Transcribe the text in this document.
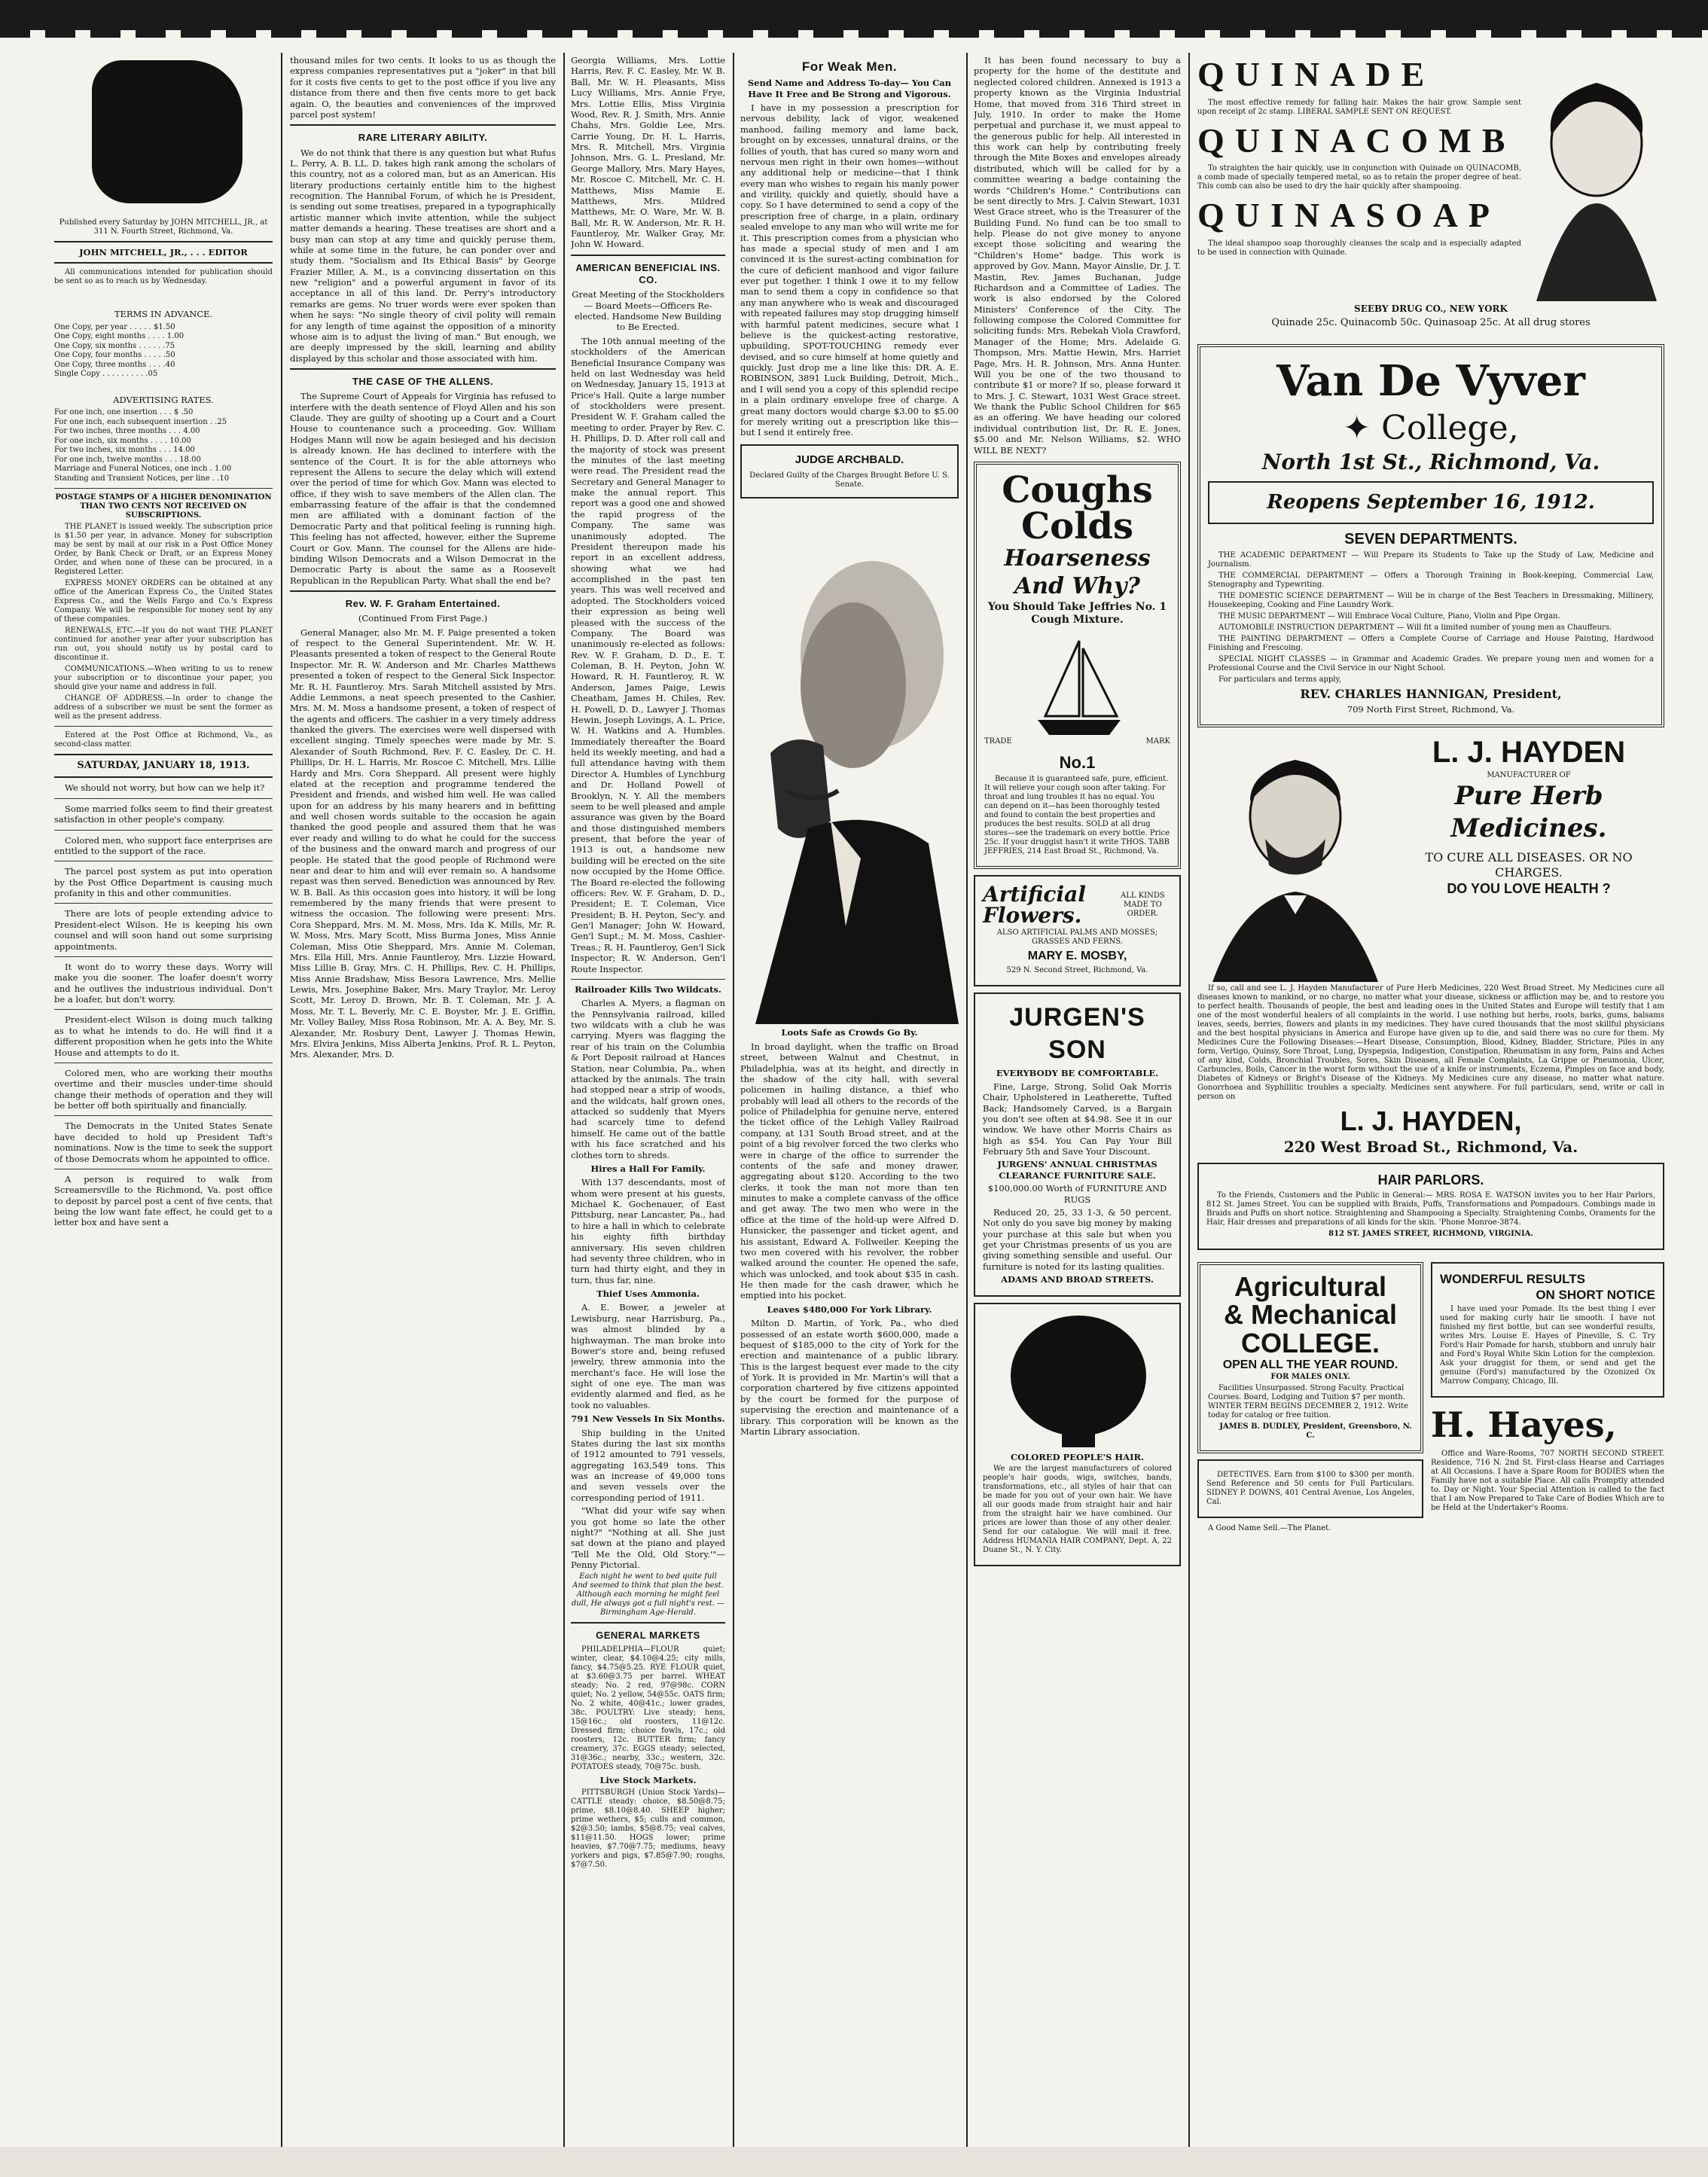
Published every Saturday by JOHN MITCHELL, JR., at 311 N. Fourth Street, Richmond, Va.

JOHN MITCHELL, JR., . . . EDITOR

All communications intended for publication should be sent so as to reach us by Wednesday.

TERMS IN ADVANCE.
One Copy, per year . . . . . $1.50
One Copy, eight months . . . . 1.00
One Copy, six months . . . . . .75
One Copy, four months . . . . .50
One Copy, three months . . . .40
Single Copy . . . . . . . . . .05
ADVERTISING RATES.
For one inch, one insertion . . . $ .50
For one inch, each subsequent insertion . .25
For two inches, three months . . . 4.00
For one inch, six months . . . . 10.00
For two inches, six months . . . 14.00
For one inch, twelve months . . . 18.00
Marriage and Funeral Notices, one inch . 1.00
Standing and Transient Notices, per line . .10

POSTAGE STAMPS OF A HIGHER DENOMINATION THAN TWO CENTS NOT RECEIVED ON SUBSCRIPTIONS.

THE PLANET is issued weekly. The subscription price is $1.50 per year, in advance. Money for subscription may be sent by mail at our risk in a Post Office Money Order, by Bank Check or Draft, or an Express Money Order, and when none of these can be procured, in a Registered Letter.

EXPRESS MONEY ORDERS can be obtained at any office of the American Express Co., the United States Express Co., and the Wells Fargo and Co.'s Express Company. We will be responsible for money sent by any of these companies.

RENEWALS, ETC.—If you do not want THE PLANET continued for another year after your subscription has run out, you should notify us by postal card to discontinue it.

COMMUNICATIONS.—When writing to us to renew your subscription or to discontinue your paper, you should give your name and address in full.

CHANGE OF ADDRESS.—In order to change the address of a subscriber we must be sent the former as well as the present address.

Entered at the Post Office at Richmond, Va., as second-class matter.

SATURDAY, JANUARY 18, 1913.

We should not worry, but how can we help it?

Some married folks seem to find their greatest satisfaction in other people's company.

Colored men, who support face enterprises are entitled to the support of the race.

The parcel post system as put into operation by the Post Office Department is causing much profanity in this and other communities.

There are lots of people extending advice to President-elect Wilson. He is keeping his own counsel and will soon hand out some surprising appointments.

It wont do to worry these days. Worry will make you die sooner. The loafer doesn't worry and he outlives the industrious individual. Don't be a loafer, but don't worry.

President-elect Wilson is doing much talking as to what he intends to do. He will find it a different proposition when he gets into the White House and attempts to do it.

Colored men, who are working their mouths overtime and their muscles under-time should change their methods of operation and they will be better off both spiritually and financially.

The Democrats in the United States Senate have decided to hold up President Taft's nominations. Now is the time to seek the support of those Democrats whom he appointed to office.

A person is required to walk from Screamersville to the Richmond, Va. post office to deposit by parcel post a cent of five cents, that being the low want fate effect, he could get to a letter box and have sent a

thousand miles for two cents. It looks to us as though the express companies representatives put a "joker" in that bill for it costs five cents to get to the post office if you live any distance from there and then five cents more to get back again. O, the beauties and conveniences of the improved parcel post system!

RARE LITERARY ABILITY.

We do not think that there is any question but what Rufus L. Perry, A. B. LL. D. takes high rank among the scholars of this country, not as a colored man, but as an American. His literary productions certainly entitle him to the highest recognition. The Hannibal Forum, of which he is President, is sending out some treatises, prepared in a typographically artistic manner which invite attention, while the subject matter demands a hearing. These treatises are short and a busy man can stop at any time and quickly peruse them, while at some time in the future, he can ponder over and study them. "Socialism and Its Ethical Basis" by George Frazier Miller, A. M., is a convincing dissertation on this new "religion" and a powerful argument in favor of its acceptance in all of this land. Dr. Perry's introductory remarks are gems. No truer words were ever spoken than when he says: "No single theory of civil polity will remain for any length of time against the opposition of a minority whose aim is to adjust the living of man." But enough, we are deeply impressed by the skill, learning and ability displayed by this scholar and those associated with him.

THE CASE OF THE ALLENS.

The Supreme Court of Appeals for Virginia has refused to interfere with the death sentence of Floyd Allen and his son Claude. They are guilty of shooting up a Court and a Court House to countenance such a proceeding. Gov. William Hodges Mann will now be again besieged and his decision is already known. He has declined to interfere with the sentence of the Court. It is for the able attorneys who represent the Allens to secure the delay which will extend over the period of time for which Gov. Mann was elected to office, if they wish to save members of the Allen clan. The embarrassing feature of the affair is that the condemned men are affiliated with a dominant faction of the Democratic Party and that political feeling is running high. This feeling has not affected, however, either the Supreme Court or Gov. Mann. The counsel for the Allens are hide-binding Wilson Democrats and a Wilson Democrat in the Democratic Party is about the same as a Roosevelt Republican in the Republican Party. What shall the end be?

Rev. W. F. Graham Entertained.
(Continued From First Page.)

General Manager, also Mr. M. F. Paige presented a token of respect to the General Superintendent. Mr. W. H. Pleasants presented a token of respect to the General Route Inspector. Mr. R. W. Anderson and Mr. Charles Matthews presented a token of respect to the General Sick Inspector. Mr. R. H. Fauntleroy. Mrs. Sarah Mitchell assisted by Mrs. Addie Lemmons, a neat speech presented to the Cashier, Mrs. M. M. Moss a handsome present, a token of respect of the agents and officers. The cashier in a very timely address thanked the givers. The exercises were well dispersed with excellent singing. Timely speeches were made by Mr. S. Alexander of South Richmond, Rev. F. C. Easley, Dr. C. H. Phillips, Dr. H. L. Harris, Mr. Roscoe C. Mitchell, Mrs. Lillie Hardy and Mrs. Cora Sheppard. All present were highly elated at the reception and programme tendered the President and friends, and wished him well. He was called upon for an address by his many hearers and in befitting and well chosen words suitable to the occasion he again thanked the good people and assured them that he was ever ready and willing to do what he could for the success of the business and the onward march and progress of our people. He stated that the good people of Richmond were near and dear to him and will ever remain so. A handsome repast was then served. Benediction was announced by Rev. W. B. Ball. As this occasion goes into history, it will be long remembered by the many friends that were present to witness the occasion. The following were present: Mrs. Cora Sheppard, Mrs. M. M. Moss, Mrs. Ida K. Mills, Mr. R. W. Moss, Mrs. Mary Scott, Miss Burma Jones, Miss Annie Coleman, Miss Otie Sheppard, Mrs. Annie M. Coleman, Mrs. Ella Hill, Mrs. Annie Fauntleroy, Mrs. Lizzie Howard, Miss Lillie B. Gray, Mrs. C. H. Phillips, Rev. C. H. Phillips, Miss Annie Bradshaw, Miss Besora Lawrence, Mrs. Mellie Lewis, Mrs. Josephine Baker, Mrs. Mary Traylor, Mr. Leroy Scott, Mr. Leroy D. Brown, Mr. B. T. Coleman, Mr. J. A. Moss, Mr. T. L. Beverly, Mr. C. E. Boyster, Mr. J. E. Griffin, Mr. Volley Bailey, Miss Rosa Robinson, Mr. A. A. Bey, Mr. S. Alexander, Mr. Rosbury Dent, Lawyer J. Thomas Hewin, Mrs. Elvira Jenkins, Miss Alberta Jenkins, Prof. R. L. Peyton, Mrs. Alexander, Mrs. D.

Georgia Williams, Mrs. Lottie Harris, Rev. F. C. Easley, Mr. W. B. Ball, Mr. W. H. Pleasants, Miss Lucy Williams, Mrs. Annie Frye, Mrs. Lottie Ellis, Miss Virginia Wood, Rev. R. J. Smith, Mrs. Annie Chahs, Mrs. Goldie Lee, Mrs. Carrie Young, Dr. H. L. Harris, Mrs. R. Mitchell, Mrs. Virginia Johnson, Mrs. G. L. Presland, Mr. George Mallory, Mrs. Mary Hayes, Mr. Roscoe C. Mitchell, Mr. C. H. Matthews, Miss Mamie E. Matthews, Mrs. Mildred Matthews, Mr. O. Ware, Mr. W. B. Ball, Mr. R. W. Anderson, Mr. R. H. Fauntleroy, Mr. Walker Gray, Mr. John W. Howard.

AMERICAN BENEFICIAL INS. CO.
Great Meeting of the Stockholders— Board Meets—Officers Re-elected. Handsome New Building to Be Erected.

The 10th annual meeting of the stockholders of the American Beneficial Insurance Company was held on last Wednesday was held on Wednesday, January 15, 1913 at Price's Hall. Quite a large number of stockholders were present. President W. F. Graham called the meeting to order. Prayer by Rev. C. H. Phillips, D. D. After roll call and the majority of stock was present the minutes of the last meeting were read. The President read the Secretary and General Manager to make the annual report. This report was a good one and showed the rapid progress of the Company. The same was unanimously adopted. The President thereupon made his report in an excellent address, showing what we had accomplished in the past ten years. This was well received and adopted. The Stockholders voiced their expression as being well pleased with the success of the Company. The Board was unanimously re-elected as follows: Rev. W. F. Graham, D. D., E. T. Coleman, B. H. Peyton, John W. Howard, R. H. Fauntleroy, R. W. Anderson, James Paige, Lewis Cheatham, James H. Chiles, Rev. H. Powell, D. D., Lawyer J. Thomas Hewin, Joseph Lovings, A. L. Price, W. H. Watkins and A. Humbles. Immediately thereafter the Board held its weekly meeting, and had a full attendance having with them Director A. Humbles of Lynchburg and Dr. Holland Powell of Brooklyn, N. Y. All the members seem to be well pleased and ample assurance was given by the Board and those distinguished members present, that before the year of 1913 is out, a handsome new building will be erected on the site now occupied by the Home Office. The Board re-elected the following officers: Rev. W. F. Graham, D. D., President; E. T. Coleman, Vice President; B. H. Peyton, Sec'y. and Gen'l Manager; John W. Howard, Gen'l Supt.; M. M. Moss, Cashier-Treas.; R. H. Fauntleroy, Gen'l Sick Inspector; R. W. Anderson, Gen'l Route Inspector.

Railroader Kills Two Wildcats.

Charles A. Myers, a flagman on the Pennsylvania railroad, killed two wildcats with a club he was carrying. Myers was flagging the rear of his train on the Columbia & Port Deposit railroad at Hances Station, near Columbia, Pa., when attacked by the animals. The train had stopped near a strip of woods, and the wildcats, half grown ones, attacked so suddenly that Myers had scarcely time to defend himself. He came out of the battle with his face scratched and his clothes torn to shreds.

Hires a Hall For Family.

With 137 descendants, most of whom were present at his guests, Michael K. Gochenauer, of East Pittsburg, near Lancaster, Pa., had to hire a hall in which to celebrate his eighty fifth birthday anniversary. His seven children had seventy three children, who in turn had thirty eight, and they in turn, thus far, nine.

Thief Uses Ammonia.

A. E. Bower, a jeweler at Lewisburg, near Harrisburg, Pa., was almost blinded by a highwayman. The man broke into Bower's store and, being refused jewelry, threw ammonia into the merchant's face. He will lose the sight of one eye. The man was evidently alarmed and fled, as he took no valuables.

791 New Vessels In Six Months.

Ship building in the United States during the last six months of 1912 amounted to 791 vessels, aggregating 163,549 tons. This was an increase of 49,000 tons and seven vessels over the corresponding period of 1911.

"What did your wife say when you got home so late the other night?" "Nothing at all. She just sat down at the piano and played 'Tell Me the Old, Old Story.'"—Penny Pictorial.

Each night he went to bed quite full And seemed to think that plan the best. Although each morning he might feel dull, He always got a full night's rest. —Birmingham Age-Herald.

GENERAL MARKETS

PHILADELPHIA—FLOUR quiet; winter, clear, $4.10@4.25; city mills, fancy, $4.75@5.25. RYE FLOUR quiet, at $3.60@3.75 per barrel. WHEAT steady; No. 2 red, 97@98c. CORN quiet; No. 2 yellow, 54@55c. OATS firm; No. 2 white, 40@41c.; lower grades, 38c. POULTRY: Live steady; hens, 15@16c.; old roosters, 11@12c. Dressed firm; choice fowls, 17c.; old roosters, 12c. BUTTER firm; fancy creamery, 37c. EGGS steady; selected, 31@36c.; nearby, 33c.; western, 32c. POTATOES steady, 70@75c. bush.

Live Stock Markets.

PITTSBURGH (Union Stock Yards)—CATTLE steady: choice, $8.50@8.75; prime, $8.10@8.40. SHEEP higher; prime wethers, $5; culls and common, $2@3.50; lambs, $5@8.75; veal calves, $11@11.50. HOGS lower; prime heavies, $7.70@7.75; mediums, heavy yorkers and pigs, $7.85@7.90; roughs, $7@7.50.

For Weak Men.
Send Name and Address To-day— You Can Have It Free and Be Strong and Vigorous.

I have in my possession a prescription for nervous debility, lack of vigor, weakened manhood, failing memory and lame back, brought on by excesses, unnatural drains, or the follies of youth, that has cured so many worn and nervous men right in their own homes—without any additional help or medicine—that I think every man who wishes to regain his manly power and virility, quickly and quietly, should have a copy. So I have determined to send a copy of the prescription free of charge, in a plain, ordinary sealed envelope to any man who will write me for it. This prescription comes from a physician who has made a special study of men and I am convinced it is the surest-acting combination for the cure of deficient manhood and vigor failure ever put together. I think I owe it to my fellow man to send them a copy in confidence so that any man anywhere who is weak and discouraged with repeated failures may stop drugging himself with harmful patent medicines, secure what I believe is the quickest-acting restorative, upbuilding, SPOT-TOUCHING remedy ever devised, and so cure himself at home quietly and quickly. Just drop me a line like this: DR. A. E. ROBINSON, 3891 Luck Building, Detroit, Mich., and I will send you a copy of this splendid recipe in a plain ordinary envelope free of charge. A great many doctors would charge $3.00 to $5.00 for merely writing out a prescription like this—but I send it entirely free.

JUDGE ARCHBALD.
Declared Guilty of the Charges Brought Before U. S. Senate.
Loots Safe as Crowds Go By.

In broad daylight, when the traffic on Broad street, between Walnut and Chestnut, in Philadelphia, was at its height, and directly in the shadow of the city hall, with several policemen in hailing distance, a thief who probably will lead all others to the records of the police of Philadelphia for genuine nerve, entered the ticket office of the Lehigh Valley Railroad company, at 131 South Broad street, and at the point of a big revolver forced the two clerks who were in charge of the office to surrender the contents of the safe and money drawer, aggregating about $120. According to the two clerks, it took the man not more than ten minutes to make a complete canvass of the office and get away. The two men who were in the office at the time of the hold-up were Alfred D. Hunsicker, the passenger and ticket agent, and his assistant, Edward A. Follweiler. Keeping the two men covered with his revolver, the robber walked around the counter. He opened the safe, which was unlocked, and took about $35 in cash. He then made for the cash drawer, which he emptied into his pocket.

Leaves $480,000 For York Library.

Milton D. Martin, of York, Pa., who died possessed of an estate worth $600,000, made a bequest of $185,000 to the city of York for the erection and maintenance of a public library. This is the largest bequest ever made to the city of York. It is provided in Mr. Martin's will that a corporation chartered by five citizens appointed by the court be formed for the purpose of supervising the erection and maintenance of a library. This corporation will be known as the Martin Library association.

It has been found necessary to buy a property for the home of the destitute and neglected colored children. Annexed is 1913 a property known as the Virginia Industrial Home, that moved from 316 Third street in July, 1910. In order to make the Home perpetual and purchase it, we must appeal to the generous public for help. All interested in this work can help by contributing freely through the Mite Boxes and envelopes already distributed, which will be called for by a committee wearing a badge containing the words "Children's Home." Contributions can be sent directly to Mrs. J. Calvin Stewart, 1031 West Grace street, who is the Treasurer of the Building Fund. No fund can be too small to help. Please do not give money to anyone except those soliciting and wearing the "Children's Home" badge. This work is approved by Gov. Mann, Mayor Ainslie, Dr. J. T. Mastin, Rev. James Buchanan, Judge Richardson and a Committee of Ladies. The work is also endorsed by the Colored Ministers' Conference of the City. The following compose the Colored Committee for soliciting funds: Mrs. Rebekah Viola Crawford, Manager of the Home; Mrs. Adelaide G. Thompson, Mrs. Mattie Hewin, Mrs. Harriet Page, Mrs. H. R. Johnson, Mrs. Anna Hunter. Will you be one of the two thousand to contribute $1 or more? If so, please forward it to Mrs. J. C. Stewart, 1031 West Grace street. We thank the Public School Children for $65 as an offering. We have heading our colored individual contribution list, Dr. R. E. Jones, $5.00 and Mr. Nelson Williams, $2. WHO WILL BE NEXT?

Coughs
Colds
Hoarseness
And Why?
You Should Take Jeffries No. 1 Cough Mixture.
TRADE	MARK
No.1

Because it is guaranteed safe, pure, efficient. It will relieve your cough soon after taking. For throat and lung troubles it has no equal. You can depend on it—has been thoroughly tested and found to contain the best properties and produces the best results. SOLD at all drug stores—see the trademark on every bottle. Price 25c. If your druggist hasn't it write THOS. TABB JEFFRIES, 214 East Broad St., Richmond, Va.

Artificial Flowers.
ALL KINDS MADE TO ORDER.

ALSO ARTIFICIAL PALMS AND MOSSES; GRASSES AND FERNS.

MARY E. MOSBY,

529 N. Second Street, Richmond, Va.

JURGEN'S SON

EVERYBODY BE COMFORTABLE.

Fine, Large, Strong, Solid Oak Morris Chair, Upholstered in Leatherette, Tufted Back; Handsomely Carved, is a Bargain you don't see often at $4.98. See it in our window. We have other Morris Chairs as high as $54. You Can Pay Your Bill February 5th and Save Your Discount.

JURGENS' ANNUAL CHRISTMAS CLEARANCE FURNITURE SALE.

$100,000.00 Worth of FURNITURE AND RUGS

Reduced 20, 25, 33 1-3, & 50 percent. Not only do you save big money by making your purchase at this sale but when you get your Christmas presents of us you are giving something sensible and useful. Our furniture is noted for its lasting qualities.

ADAMS AND BROAD STREETS.

COLORED PEOPLE'S HAIR.

We are the largest manufacturers of colored people's hair goods, wigs, switches, bands, transformations, etc., all styles of hair that can be made for you out of your own hair. We have all our goods made from straight hair and hair from the straight hair we have combined. Our prices are lower than those of any other dealer. Send for our catalogue. We will mail it free. Address HUMANIA HAIR COMPANY, Dept. A, 22 Duane St., N. Y. City.

QUINADE

The most effective remedy for falling hair. Makes the hair grow. Sample sent upon receipt of 2c stamp. LIBERAL SAMPLE SENT ON REQUEST.

QUINACOMB

To straighten the hair quickly, use in conjunction with Quinade on QUINACOMB, a comb made of specially tempered metal, so as to retain the proper degree of heat. This comb can also be used to dry the hair quickly after shampooing.

QUINASOAP

The ideal shampoo soap thoroughly cleanses the scalp and is especially adapted to be used in connection with Quinade.

SEEBY DRUG CO., NEW YORK

Quinade 25c. Quinacomb 50c. Quinasoap 25c. At all drug stores

Van De Vyver
✦ College,
North 1st St., Richmond, Va.
Reopens September 16, 1912.
SEVEN DEPARTMENTS.

THE ACADEMIC DEPARTMENT — Will Prepare its Students to Take up the Study of Law, Medicine and Journalism.

THE COMMERCIAL DEPARTMENT — Offers a Thorough Training in Book-keeping, Commercial Law, Stenography and Typewriting.

THE DOMESTIC SCIENCE DEPARTMENT — Will be in charge of the Best Teachers in Dressmaking, Millinery, Housekeeping, Cooking and Fine Laundry Work.

THE MUSIC DEPARTMENT — Will Embrace Vocal Culture, Piano, Violin and Pipe Organ.

AUTOMOBILE INSTRUCTION DEPARTMENT — Will fit a limited number of young men as Chauffeurs.

THE PAINTING DEPARTMENT — Offers a Complete Course of Carriage and House Painting, Hardwood Finishing and Frescoing.

SPECIAL NIGHT CLASSES — in Grammar and Academic Grades. We prepare young men and women for a Professional Course and the Civil Service in our Night School.

For particulars and terms apply,

REV. CHARLES HANNIGAN, President,

709 North First Street, Richmond, Va.

L. J. HAYDEN
MANUFACTURER OF
Pure Herb
Medicines.
TO CURE ALL DISEASES. OR NO CHARGES.
DO YOU LOVE HEALTH ?

If so, call and see L. J. Hayden Manufacturer of Pure Herb Medicines, 220 West Broad Street. My Medicines cure all diseases known to mankind, or no charge, no matter what your disease, sickness or affliction may be, and to restore you to perfect health. Thousands of people, the best and leading ones in the United States and Europe will testify that I am one of the most wonderful healers of all complaints in the world. I use nothing but herbs, roots, barks, gums, balsams leaves, seeds, berries, flowers and plants in my medicines. They have cured thousands that the most skillful physicians and the best hospital physicians in America and Europe have given up to die, and said there was no cure for them. My Medicines Cure the Following Diseases:—Heart Disease, Consumption, Blood, Kidney, Bladder, Stricture, Piles in any form, Vertigo, Quinsy, Sore Throat, Lung, Dyspepsia, Indigestion, Constipation, Rheumatism in any form, Pains and Aches of any kind, Colds, Bronchial Troubles, Sores, Skin Diseases, all Female Complaints, La Grippe or Pneumonia, Ulcer, Carbuncles, Boils, Cancer in the worst form without the use of a knife or instruments, Eczema, Pimples on face and body, Diabetes of Kidneys or Bright's Disease of the Kidneys. My Medicines cure any disease, no matter what nature. Gonorrhoea and Syphillitic troubles a specialty. Medicines sent anywhere. For full particulars, send, write or call in person on

L. J. HAYDEN,
220 West Broad St., Richmond, Va.
HAIR PARLORS.

To the Friends, Customers and the Public in General:— MRS. ROSA E. WATSON invites you to her Hair Parlors, 812 St. James Street. You can be supplied with Braids, Puffs, Transformations and Pompadours. Combings made in Braids and Puffs on short notice. Straightening and Shampooing a Specialty. Straightening Combs, Oraments for the Hair, Hair dresses and preparations of all kinds for the skin. 'Phone Monroe-3874.

812 ST. JAMES STREET, RICHMOND, VIRGINIA.

Agricultural
& Mechanical
COLLEGE.
OPEN ALL THE YEAR ROUND.
FOR MALES ONLY.

Facilities Unsurpassed. Strong Faculty. Practical Courses. Board, Lodging and Tuition $7 per month. WINTER TERM BEGINS DECEMBER 2, 1912. Write today for catalog or free tuition.

JAMES B. DUDLEY, President, Greensboro, N. C.

DETECTIVES. Earn from $100 to $300 per month. Send Reference and 50 cents for Full Particulars. SIDNEY P. DOWNS, 401 Central Avenue, Los Angeles, Cal.

A Good Name Sell.—The Planet.

WONDERFUL RESULTS
ON SHORT NOTICE

I have used your Pomade. Its the best thing I ever used for making curly hair lie smooth. I have not finished my first bottle, but can see wonderful results, writes Mrs. Louise E. Hayes of Pineville, S. C. Try Ford's Hair Pomade for harsh, stubborn and unruly hair and Ford's Royal White Skin Lotion for the complexion. Ask your druggist for them, or send and get the genuine (Ford's) manufactured by the Ozonized Ox Marrow Company, Chicago, Ill.

H. Hayes,

Office and Ware-Rooms, 707 NORTH SECOND STREET. Residence, 716 N. 2nd St. First-class Hearse and Carriages at All Occasions. I have a Spare Room for BODIES when the Family have not a suitable Place. All calls Promptly attended to. Day or Night. Your Special Attention is called to the fact that I am Now Prepared to Take Care of Bodies Which are to be Held at the Undertaker's Rooms.
